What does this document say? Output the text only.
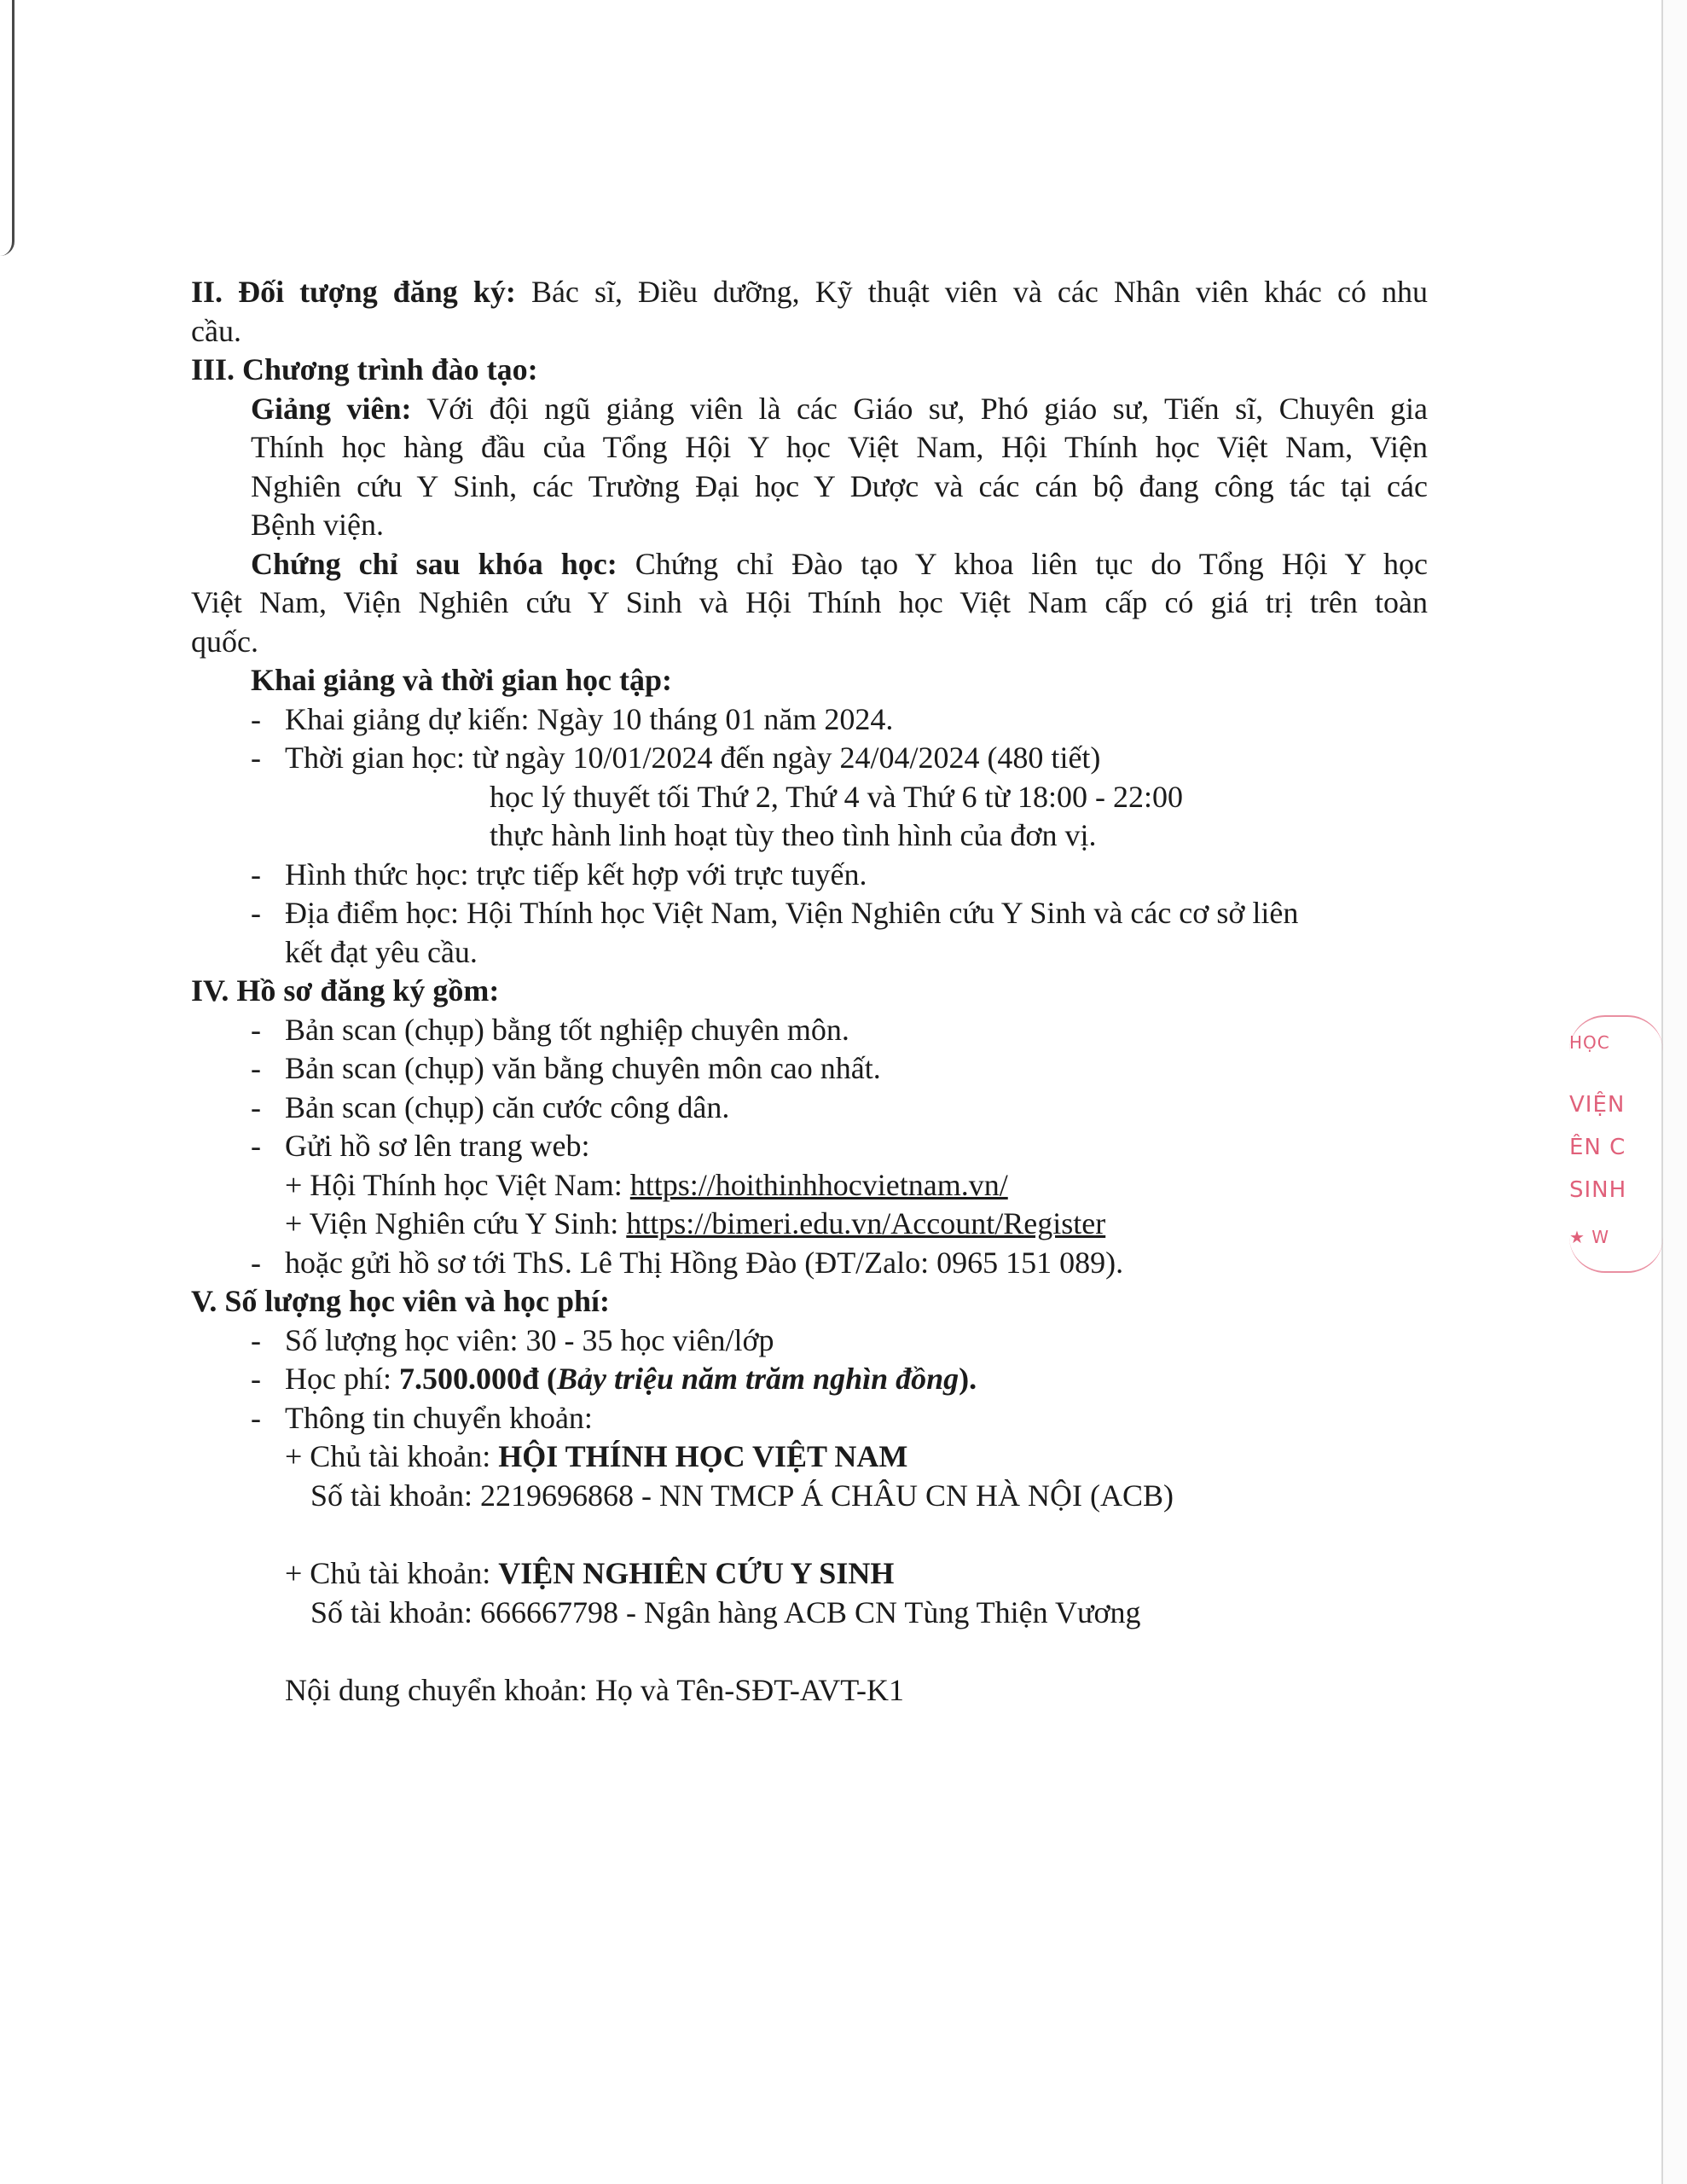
II. Đối tượng đăng ký: Bác sĩ, Điều dưỡng, Kỹ thuật viên và các Nhân viên khác có nhu
cầu.
III. Chương trình đào tạo:
Giảng viên: Với đội ngũ giảng viên là các Giáo sư, Phó giáo sư, Tiến sĩ, Chuyên gia
Thính học hàng đầu của Tổng Hội Y học Việt Nam, Hội Thính học Việt Nam, Viện
Nghiên cứu Y Sinh, các Trường Đại học Y Dược và các cán bộ đang công tác tại các
Bệnh viện.
Chứng chỉ sau khóa học: Chứng chỉ Đào tạo Y khoa liên tục do Tổng Hội Y học
Việt Nam, Viện Nghiên cứu Y Sinh và Hội Thính học Việt Nam cấp có giá trị trên toàn
quốc.
Khai giảng và thời gian học tập:
- Khai giảng dự kiến: Ngày 10 tháng 01 năm 2024.
- Thời gian học: từ ngày 10/01/2024 đến ngày 24/04/2024 (480 tiết)
học lý thuyết tối Thứ 2, Thứ 4 và Thứ 6 từ 18:00 - 22:00
thực hành linh hoạt tùy theo tình hình của đơn vị.
- Hình thức học: trực tiếp kết hợp với trực tuyến.
- Địa điểm học: Hội Thính học Việt Nam, Viện Nghiên cứu Y Sinh và các cơ sở liên
kết đạt yêu cầu.
IV. Hồ sơ đăng ký gồm:
- Bản scan (chụp) bằng tốt nghiệp chuyên môn.
- Bản scan (chụp) văn bằng chuyên môn cao nhất.
- Bản scan (chụp) căn cước công dân.
- Gửi hồ sơ lên trang web:
+ Hội Thính học Việt Nam: https://hoithinhhocvietnam.vn/
+ Viện Nghiên cứu Y Sinh: https://bimeri.edu.vn/Account/Register
- hoặc gửi hồ sơ tới ThS. Lê Thị Hồng Đào (ĐT/Zalo: 0965 151 089).
V. Số lượng học viên và học phí:
- Số lượng học viên: 30 - 35 học viên/lớp
- Học phí: 7.500.000đ (Bảy triệu năm trăm nghìn đồng).
- Thông tin chuyển khoản:
+ Chủ tài khoản: HỘI THÍNH HỌC VIỆT NAM
Số tài khoản: 2219696868 - NN TMCP Á CHÂU CN HÀ NỘI (ACB)
+ Chủ tài khoản: VIỆN NGHIÊN CỨU Y SINH
Số tài khoản: 666667798 - Ngân hàng ACB CN Tùng Thiện Vương
Nội dung chuyển khoản: Họ và Tên-SĐT-AVT-K1
HỌC
VIỆN
ÊN C
SINH
★ W
